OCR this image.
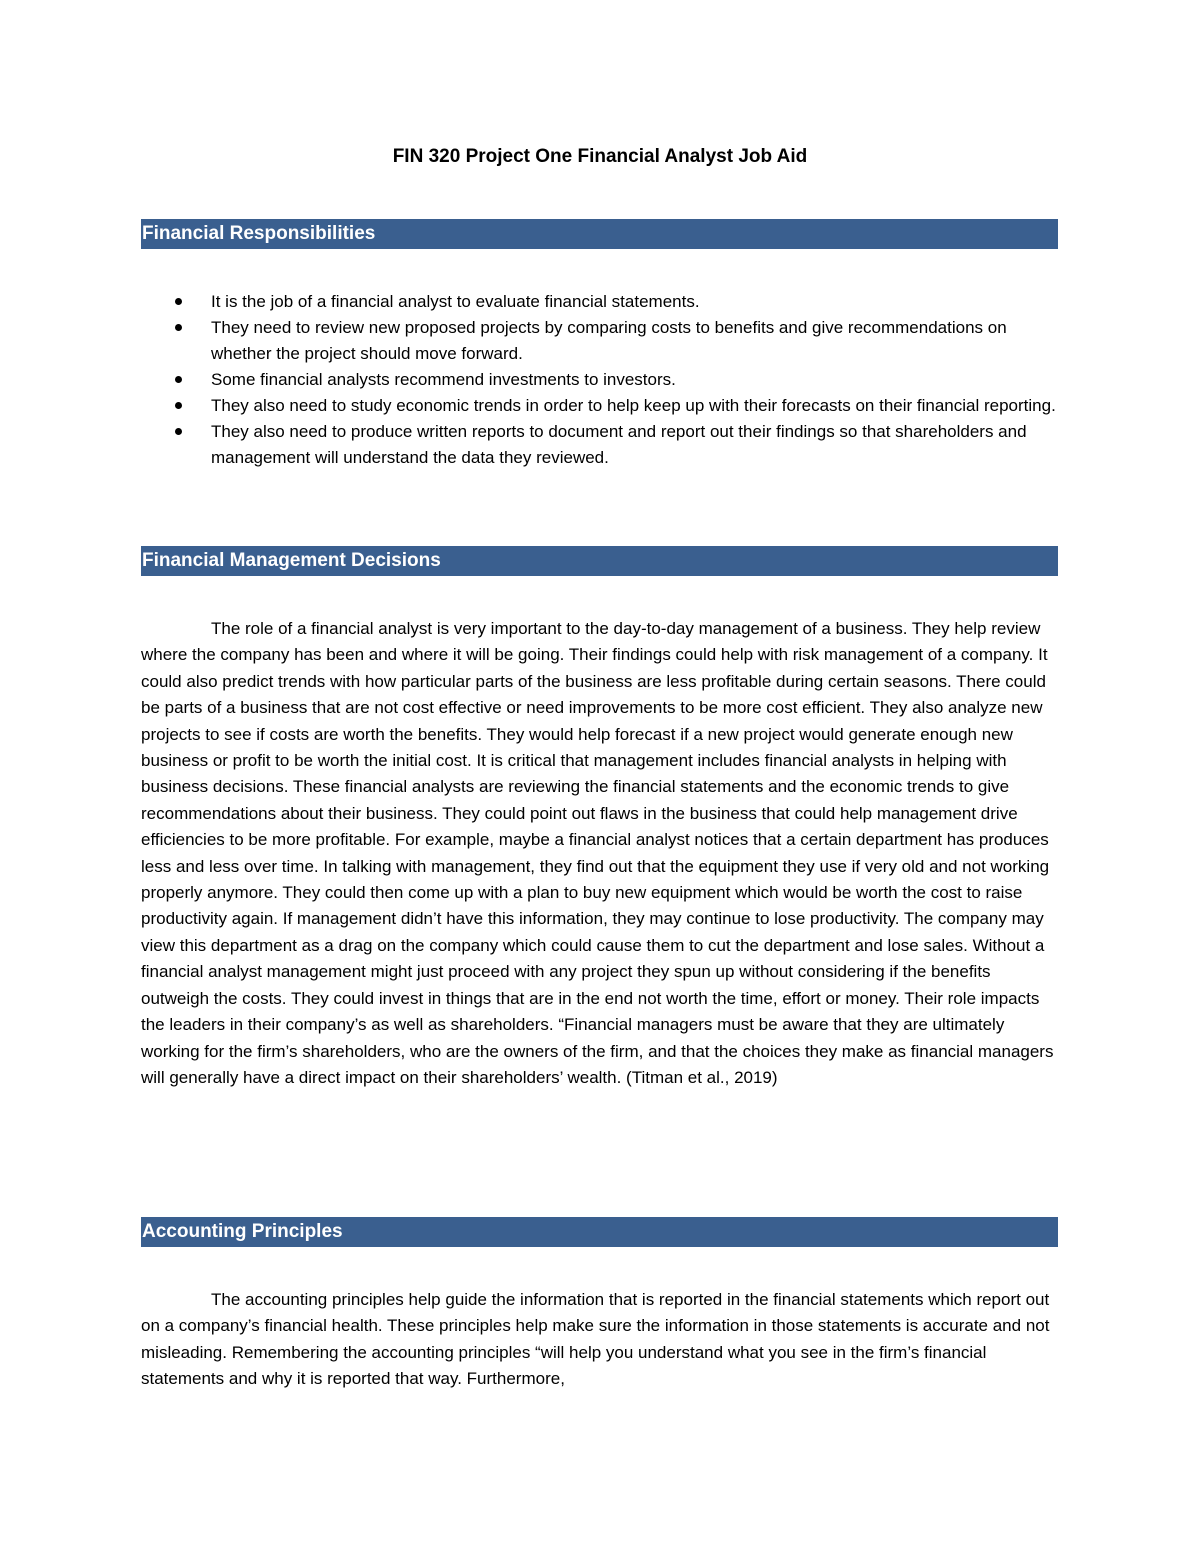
FIN 320 Project One Financial Analyst Job Aid
Financial Responsibilities
It is the job of a financial analyst to evaluate financial statements.
They need to review new proposed projects by comparing costs to benefits and give recommendations on whether the project should move forward.
Some financial analysts recommend investments to investors.
They also need to study economic trends in order to help keep up with their forecasts on their financial reporting.
They also need to produce written reports to document and report out their findings so that shareholders and management will understand the data they reviewed.
Financial Management Decisions

The role of a financial analyst is very important to the day-to-day management of a business. They help review where the company has been and where it will be going. Their findings could help with risk management of a company. It could also predict trends with how particular parts of the business are less profitable during certain seasons. There could be parts of a business that are not cost effective or need improvements to be more cost efficient. They also analyze new projects to see if costs are worth the benefits. They would help forecast if a new project would generate enough new business or profit to be worth the initial cost. It is critical that management includes financial analysts in helping with business decisions. These financial analysts are reviewing the financial statements and the economic trends to give recommendations about their business. They could point out flaws in the business that could help management drive efficiencies to be more profitable. For example, maybe a financial analyst notices that a certain department has produces less and less over time. In talking with management, they find out that the equipment they use if very old and not working properly anymore. They could then come up with a plan to buy new equipment which would be worth the cost to raise productivity again. If management didn’t have this information, they may continue to lose productivity. The company may view this department as a drag on the company which could cause them to cut the department and lose sales. Without a financial analyst management might just proceed with any project they spun up without considering if the benefits outweigh the costs. They could invest in things that are in the end not worth the time, effort or money. Their role impacts the leaders in their company’s as well as shareholders. “Financial managers must be aware that they are ultimately working for the firm’s shareholders, who are the owners of the firm, and that the choices they make as financial managers will generally have a direct impact on their shareholders’ wealth. (Titman et al., 2019)

Accounting Principles

The accounting principles help guide the information that is reported in the financial statements which report out on a company’s financial health. These principles help make sure the information in those statements is accurate and not misleading. Remembering the accounting principles “will help you understand what you see in the firm’s financial statements and why it is reported that way. Furthermore,
